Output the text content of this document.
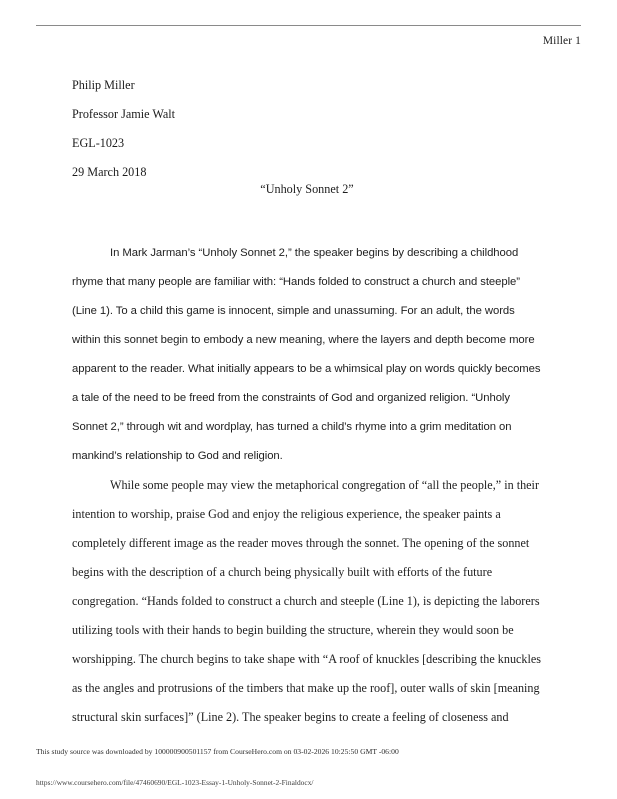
Miller 1
Philip Miller
Professor Jamie Walt
EGL-1023
29 March 2018
“Unholy Sonnet 2”

In Mark Jarman’s “Unholy Sonnet 2,” the speaker begins by describing a childhood rhyme that many people are familiar with: “Hands folded to construct a church and steeple” (Line 1). To a child this game is innocent, simple and unassuming. For an adult, the words within this sonnet begin to embody a new meaning, where the layers and depth become more apparent to the reader. What initially appears to be a whimsical play on words quickly becomes a tale of the need to be freed from the constraints of God and organized religion. “Unholy Sonnet 2,” through wit and wordplay, has turned a child’s rhyme into a grim meditation on mankind’s relationship to God and religion.

While some people may view the metaphorical congregation of “all the people,” in their intention to worship, praise God and enjoy the religious experience, the speaker paints a completely different image as the reader moves through the sonnet. The opening of the sonnet begins with the description of a church being physically built with efforts of the future congregation. “Hands folded to construct a church and steeple (Line 1), is depicting the laborers utilizing tools with their hands to begin building the structure, wherein they would soon be worshipping. The church begins to take shape with “A roof of knuckles [describing the knuckles as the angles and protrusions of the timbers that make up the roof], outer walls of skin [meaning structural skin surfaces]” (Line 2). The speaker begins to create a feeling of closeness and

This study source was downloaded by 100000900501157 from CourseHero.com on 03-02-2026 10:25:50 GMT -06:00
https://www.coursehero.com/file/47460690/EGL-1023-Essay-1-Unholy-Sonnet-2-Finaldocx/
